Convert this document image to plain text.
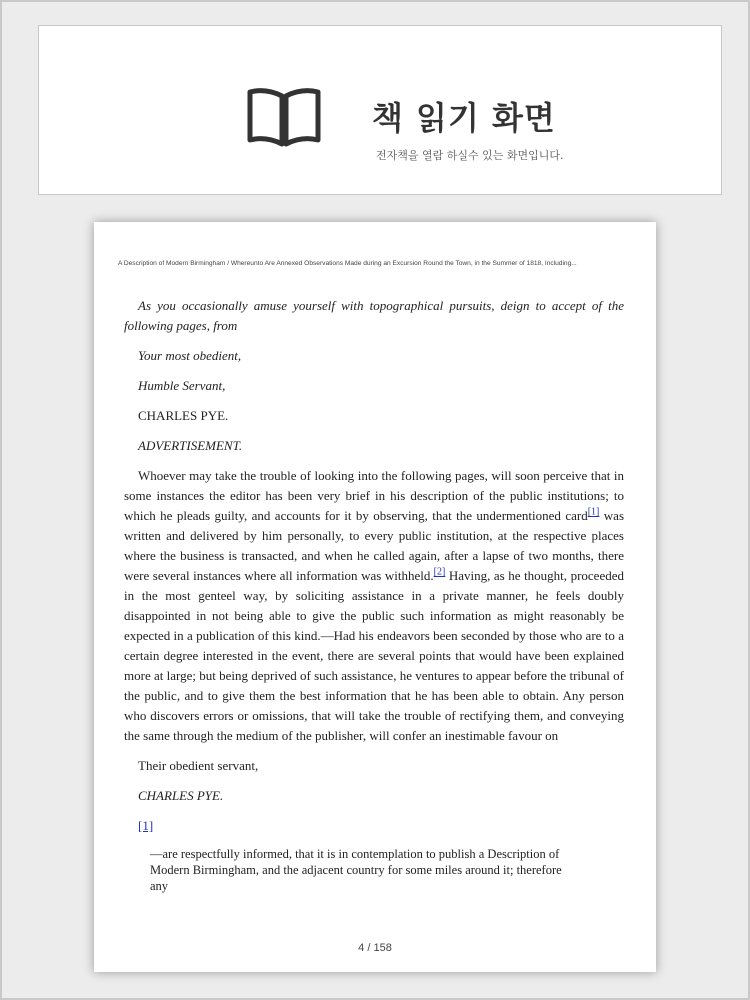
책 읽기 화면
전자책을 열람 하실수 있는 화면입니다.
A Description of Modern Birmingham / Whereunto Are Annexed Observations Made during an Excursion Round the Town, in the Summer of 1818, Including...

As you occasionally amuse yourself with topographical pursuits, deign to accept of the following pages, from

Your most obedient,

Humble Servant,

CHARLES PYE.

ADVERTISEMENT.

Whoever may take the trouble of looking into the following pages, will soon perceive that in some instances the editor has been very brief in his description of the public institutions; to which he pleads guilty, and accounts for it by observing, that the undermentioned card[1] was written and delivered by him personally, to every public institution, at the respective places where the business is transacted, and when he called again, after a lapse of two months, there were several instances where all information was withheld.[2] Having, as he thought, proceeded in the most genteel way, by soliciting assistance in a private manner, he feels doubly disappointed in not being able to give the public such information as might reasonably be expected in a publication of this kind.—Had his endeavors been seconded by those who are to a certain degree interested in the event, there are several points that would have been explained more at large; but being deprived of such assistance, he ventures to appear before the tribunal of the public, and to give them the best information that he has been able to obtain. Any person who discovers errors or omissions, that will take the trouble of rectifying them, and conveying the same through the medium of the publisher, will confer an inestimable favour on

Their obedient servant,

CHARLES PYE.

[1]

—are respectfully informed, that it is in contemplation to publish a Description of Modern Birmingham, and the adjacent country for some miles around it; therefore any

4 / 158
